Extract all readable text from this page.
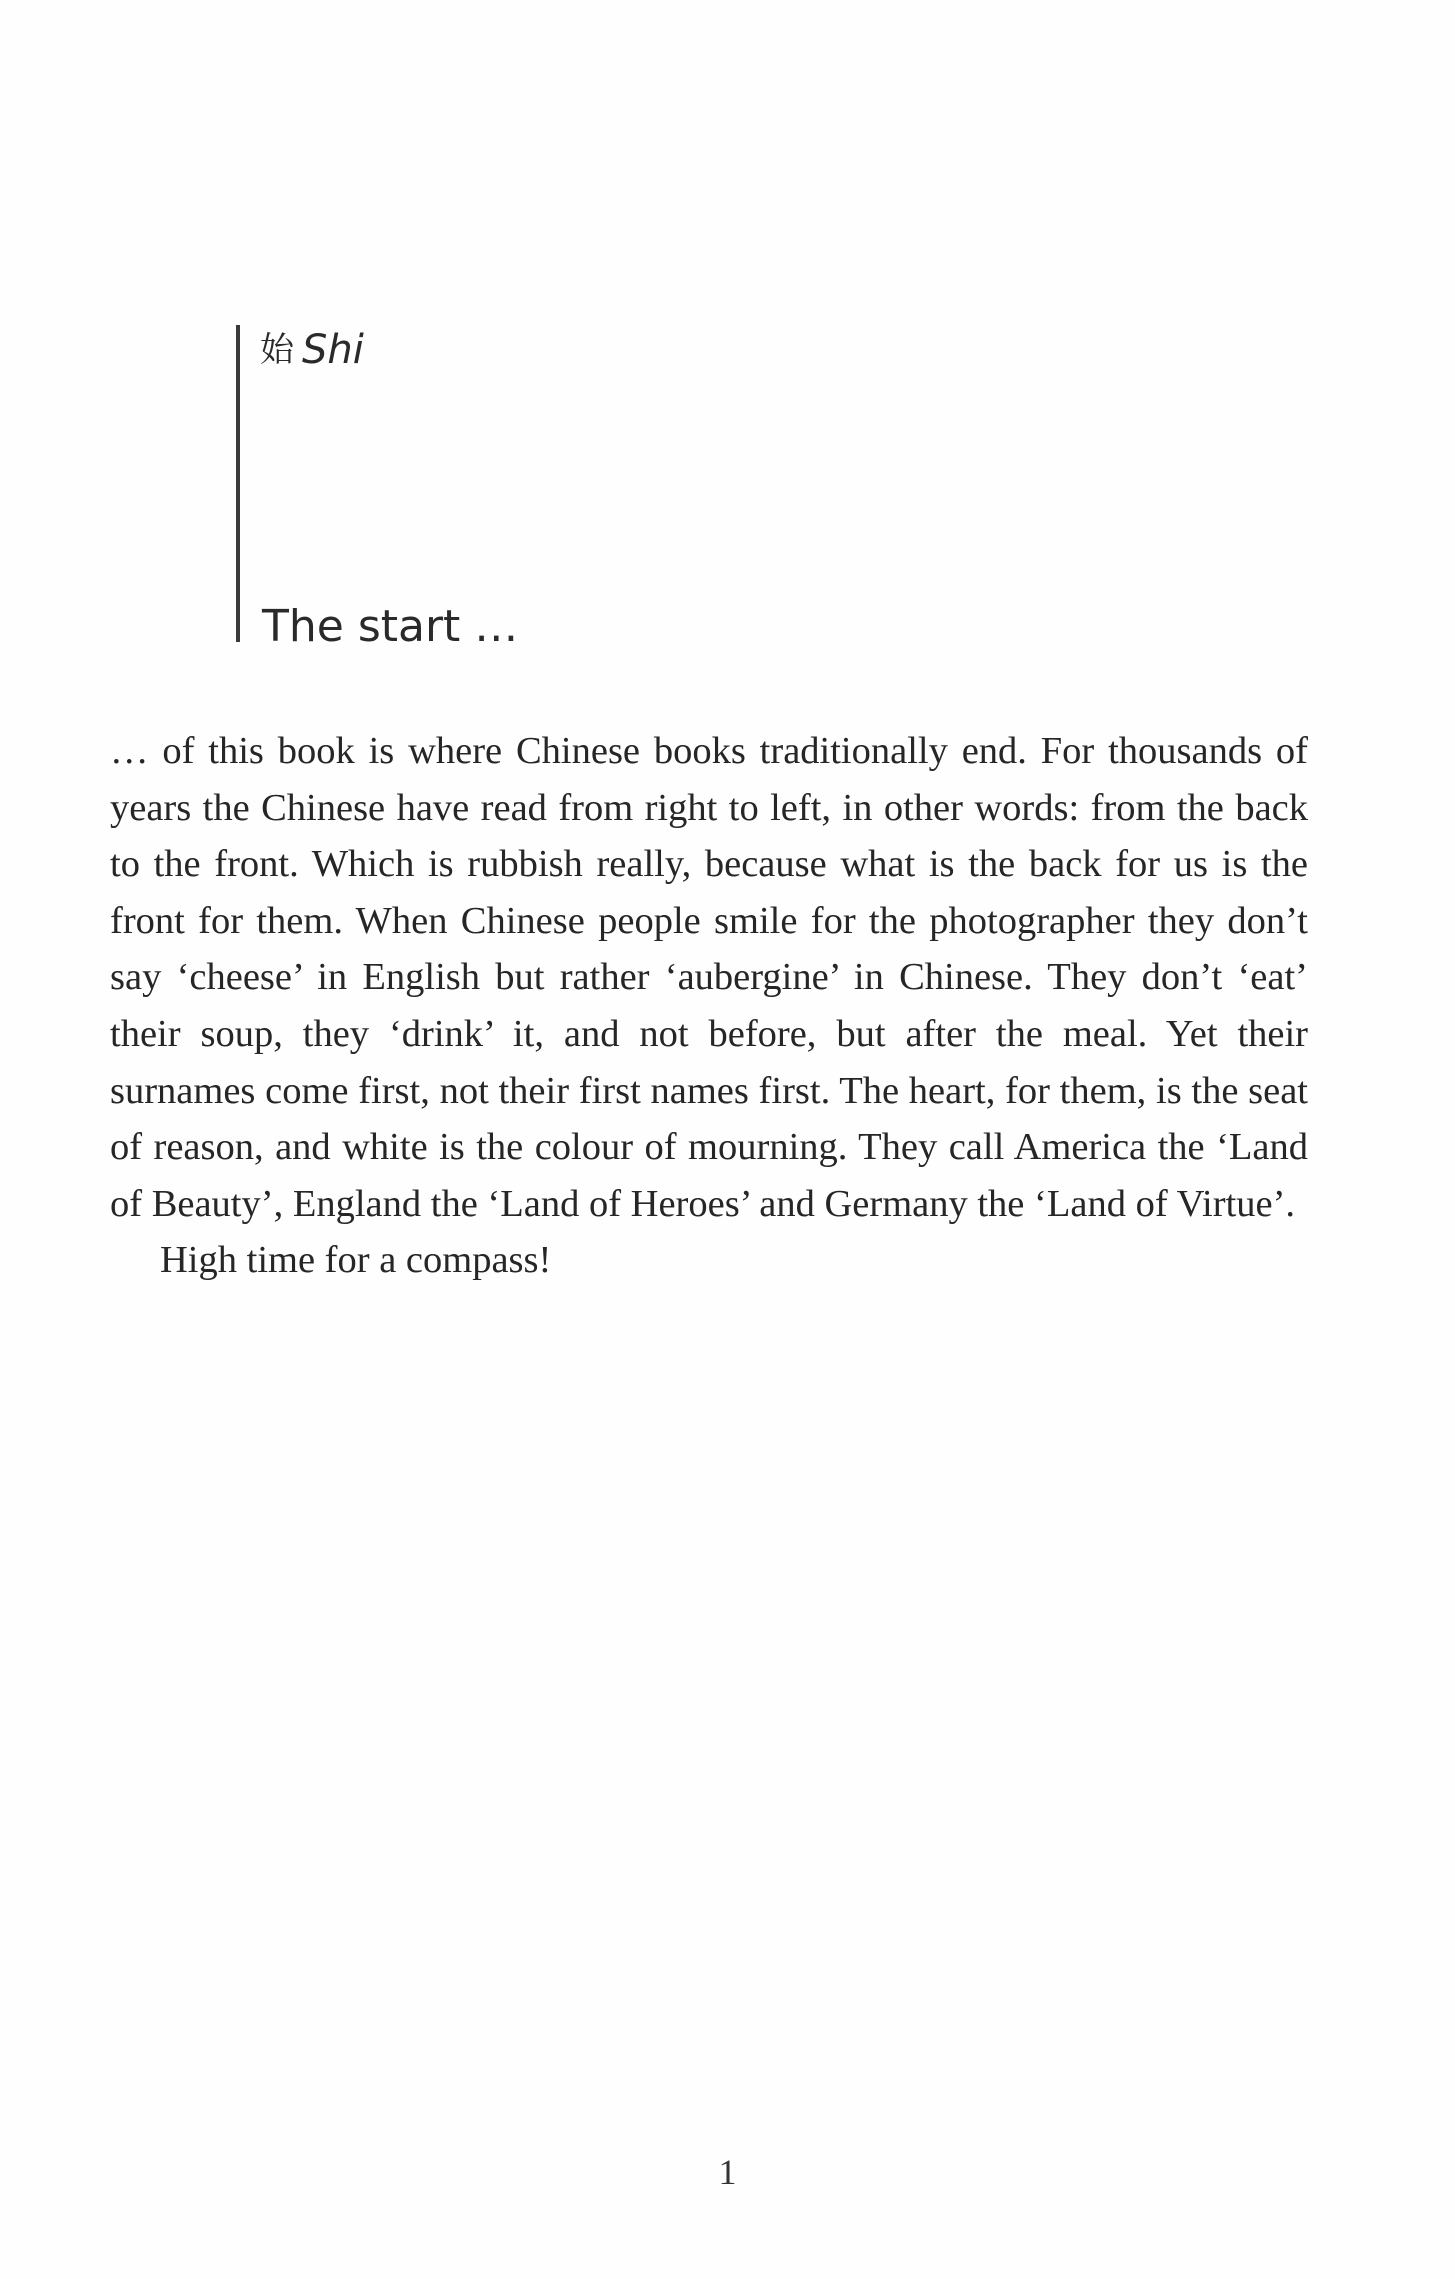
始 Shi
The start …

… of this book is where Chinese books traditionally end. For thousands of years the Chinese have read from right to left, in other words: from the back to the front. Which is rubbish really, because what is the back for us is the front for them. When Chinese people smile for the photographer they don’t say ‘cheese’ in English but rather ‘aubergine’ in Chinese. They don’t ‘eat’ their soup, they ‘drink’ it, and not before, but after the meal. Yet their surnames come first, not their first names first. The heart, for them, is the seat of reason, and white is the colour of mourning. They call America the ‘Land of Beauty’, England the ‘Land of Heroes’ and Germany the ‘Land of Virtue’.

High time for a compass!

1
